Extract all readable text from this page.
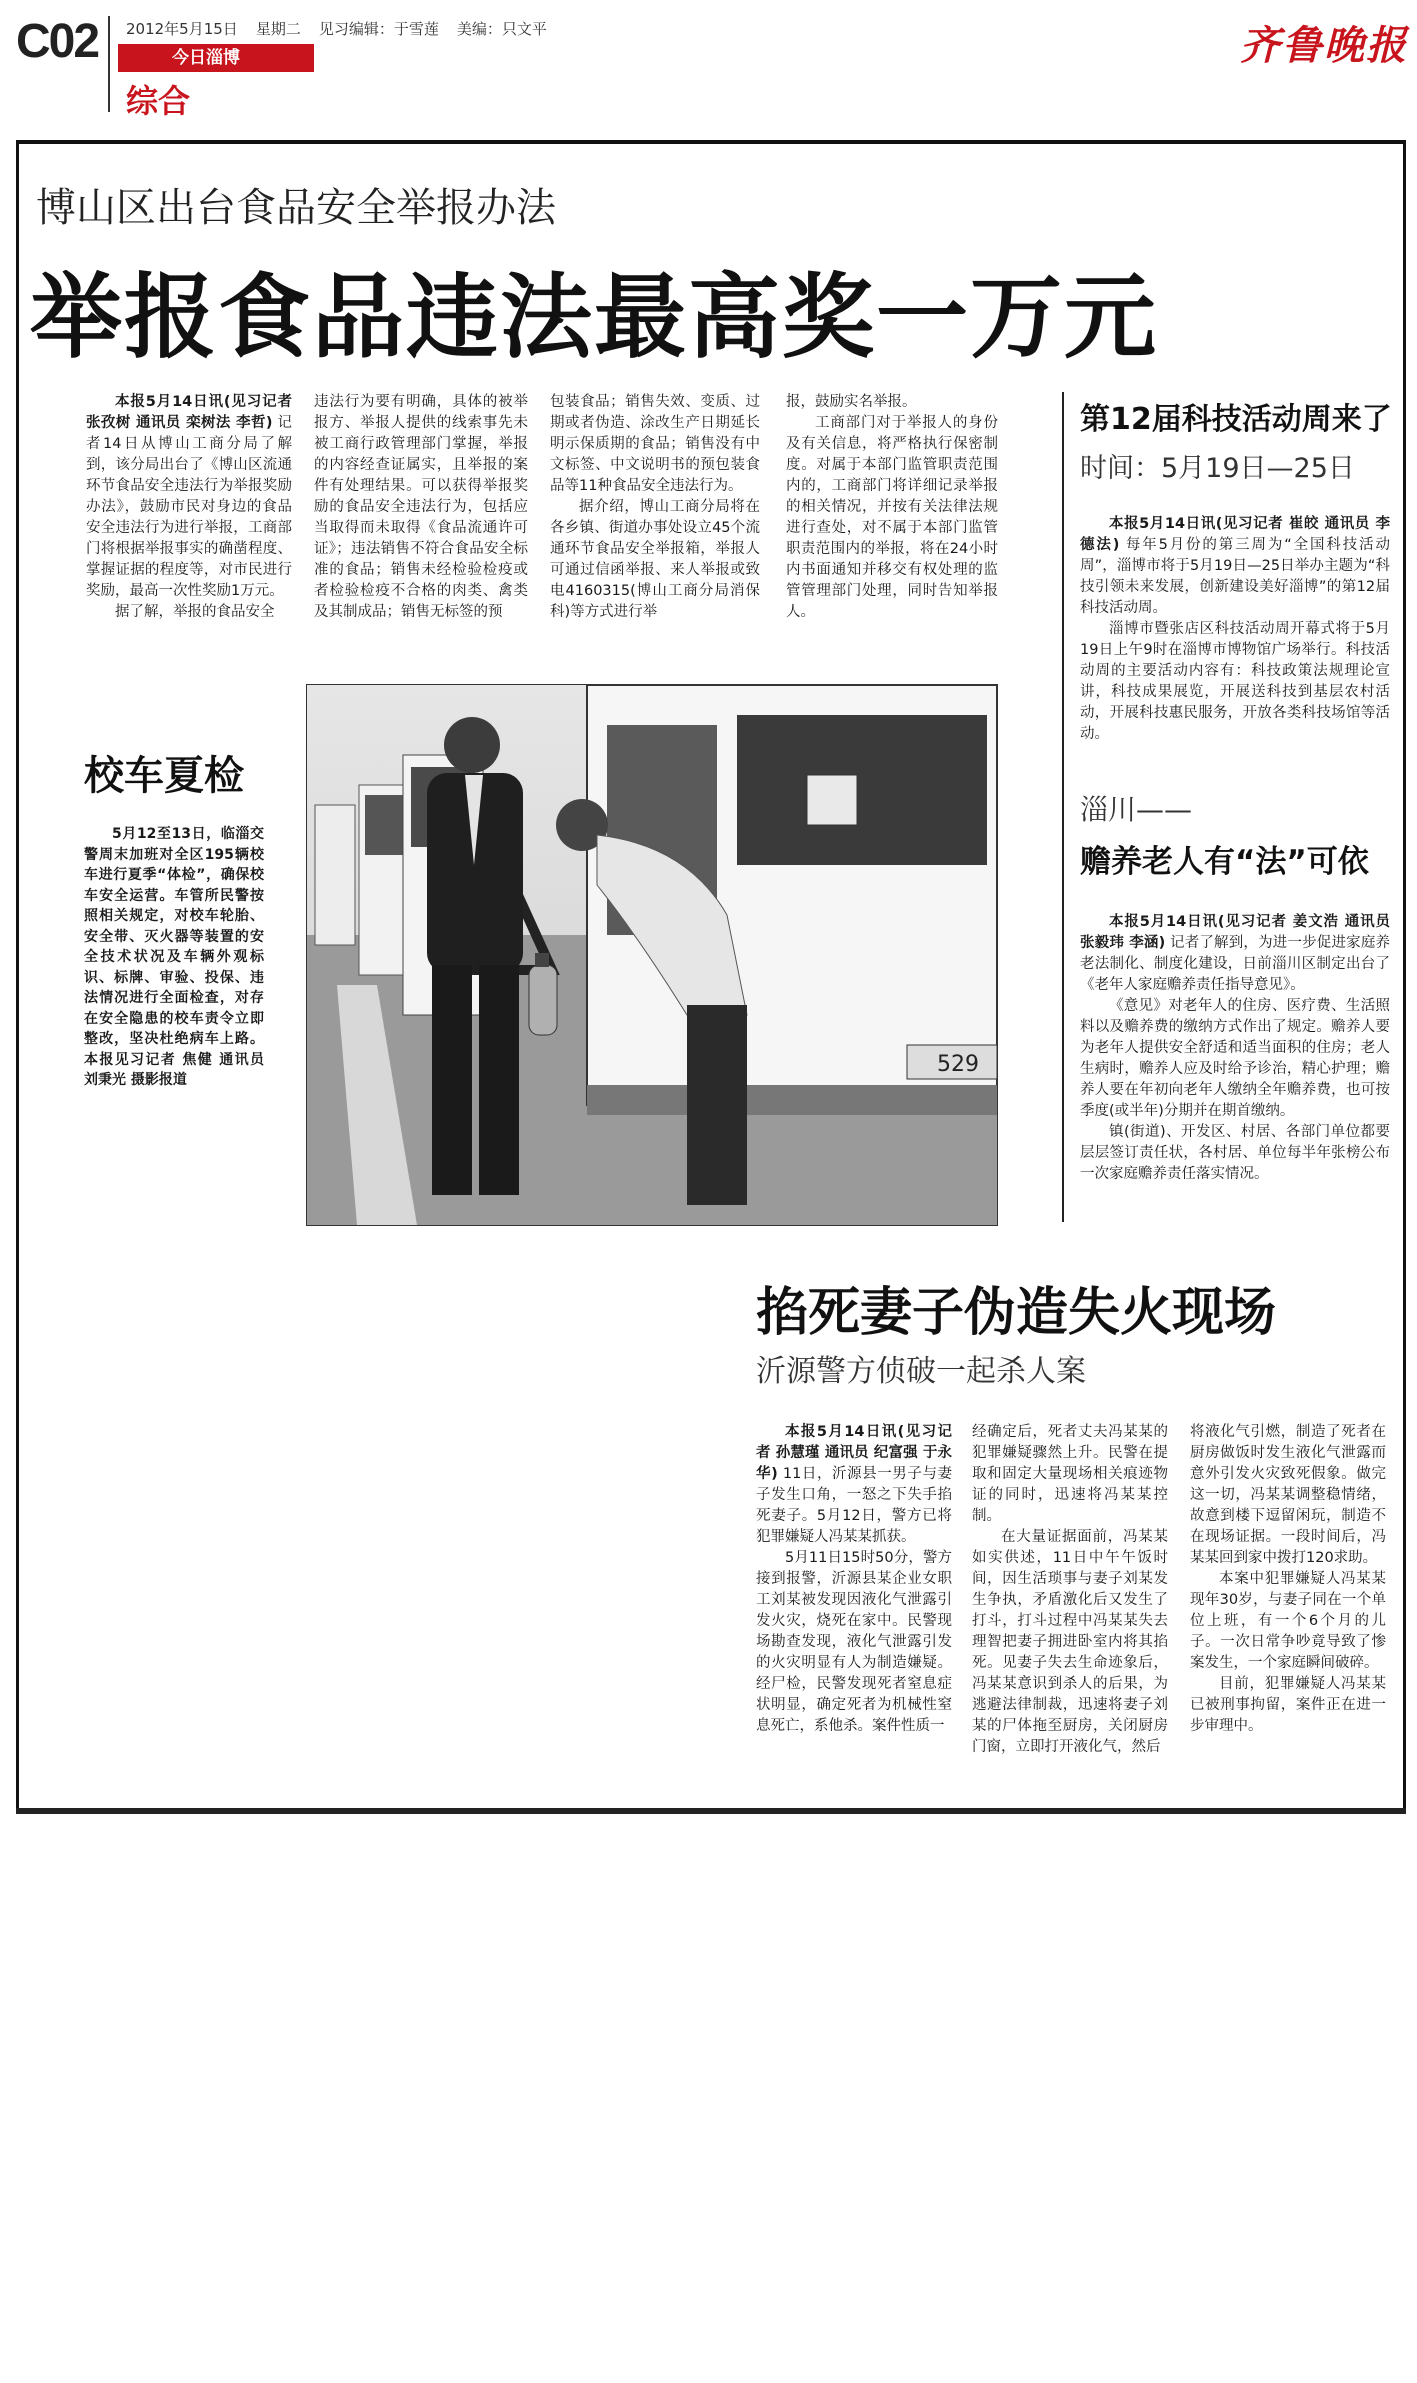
C02 2012年5月15日 星期二 见习编辑：于雪莲 美编：只文平
今日淄博
综合
齐鲁晚报
博山区出台食品安全举报办法
举报食品违法最高奖一万元

本报5月14日讯(见习记者 张孜树 通讯员 栾树法 李哲) 记者14日从博山工商分局了解到，该分局出台了《博山区流通环节食品安全违法行为举报奖励办法》，鼓励市民对身边的食品安全违法行为进行举报，工商部门将根据举报事实的确凿程度、掌握证据的程度等，对市民进行奖励，最高一次性奖励1万元。

据了解，举报的食品安全

违法行为要有明确，具体的被举报方、举报人提供的线索事先未被工商行政管理部门掌握，举报的内容经查证属实，且举报的案件有处理结果。可以获得举报奖励的食品安全违法行为，包括应当取得而未取得《食品流通许可证》；违法销售不符合食品安全标准的食品；销售未经检验检疫或者检验检疫不合格的肉类、禽类及其制成品；销售无标签的预

包装食品；销售失效、变质、过期或者伪造、涂改生产日期延长明示保质期的食品；销售没有中文标签、中文说明书的预包装食品等11种食品安全违法行为。

据介绍，博山工商分局将在各乡镇、街道办事处设立45个流通环节食品安全举报箱，举报人可通过信函举报、来人举报或致电4160315(博山工商分局消保科)等方式进行举

报，鼓励实名举报。

工商部门对于举报人的身份及有关信息，将严格执行保密制度。对属于本部门监管职责范围内的，工商部门将详细记录举报的相关情况，并按有关法律法规进行查处，对不属于本部门监管职责范围内的举报，将在24小时内书面通知并移交有权处理的监管管理部门处理，同时告知举报人。

第12届科技活动周来了
时间：5月19日—25日

本报5月14日讯(见习记者 崔皎 通讯员 李德法) 每年5月份的第三周为“全国科技活动周”，淄博市将于5月19日—25日举办主题为“科技引领未来发展，创新建设美好淄博”的第12届科技活动周。

淄博市暨张店区科技活动周开幕式将于5月19日上午9时在淄博市博物馆广场举行。科技活动周的主要活动内容有：科技政策法规理论宣讲，科技成果展览，开展送科技到基层农村活动，开展科技惠民服务，开放各类科技场馆等活动。

淄川——
赡养老人有“法”可依

本报5月14日讯(见习记者 姜文浩 通讯员 张毅玮 李涵) 记者了解到，为进一步促进家庭养老法制化、制度化建设，日前淄川区制定出台了《老年人家庭赡养责任指导意见》。

《意见》对老年人的住房、医疗费、生活照料以及赡养费的缴纳方式作出了规定。赡养人要为老年人提供安全舒适和适当面积的住房；老人生病时，赡养人应及时给予诊治，精心护理；赡养人要在年初向老年人缴纳全年赡养费，也可按季度(或半年)分期并在期首缴纳。

镇(街道)、开发区、村居、各部门单位都要层层签订责任状，各村居、单位每半年张榜公布一次家庭赡养责任落实情况。

校车夏检

5月12至13日，临淄交警周末加班对全区195辆校车进行夏季“体检”，确保校车安全运营。车管所民警按照相关规定，对校车轮胎、安全带、灭火器等装置的安全技术状况及车辆外观标识、标牌、审验、投保、违法情况进行全面检查，对存在安全隐患的校车责令立即整改，坚决杜绝病车上路。本报见习记者 焦健 通讯员 刘秉光 摄影报道

529
掐死妻子伪造失火现场
沂源警方侦破一起杀人案

本报5月14日讯(见习记者 孙慧瑾 通讯员 纪富强 于永华) 11日，沂源县一男子与妻子发生口角，一怒之下失手掐死妻子。5月12日，警方已将犯罪嫌疑人冯某某抓获。

5月11日15时50分，警方接到报警，沂源县某企业女职工刘某被发现因液化气泄露引发火灾，烧死在家中。民警现场勘查发现，液化气泄露引发的火灾明显有人为制造嫌疑。经尸检，民警发现死者窒息症状明显，确定死者为机械性窒息死亡，系他杀。案件性质一

经确定后，死者丈夫冯某某的犯罪嫌疑骤然上升。民警在提取和固定大量现场相关痕迹物证的同时，迅速将冯某某控制。

在大量证据面前，冯某某如实供述，11日中午午饭时间，因生活琐事与妻子刘某发生争执，矛盾激化后又发生了打斗，打斗过程中冯某某失去理智把妻子拥进卧室内将其掐死。见妻子失去生命迹象后，冯某某意识到杀人的后果，为逃避法律制裁，迅速将妻子刘某的尸体拖至厨房，关闭厨房门窗，立即打开液化气，然后

将液化气引燃，制造了死者在厨房做饭时发生液化气泄露而意外引发火灾致死假象。做完这一切，冯某某调整稳情绪，故意到楼下逗留闲玩，制造不在现场证据。一段时间后，冯某某回到家中拨打120求助。

本案中犯罪嫌疑人冯某某现年30岁，与妻子同在一个单位上班，有一个6个月的儿子。一次日常争吵竟导致了惨案发生，一个家庭瞬间破碎。

目前，犯罪嫌疑人冯某某已被刑事拘留，案件正在进一步审理中。
